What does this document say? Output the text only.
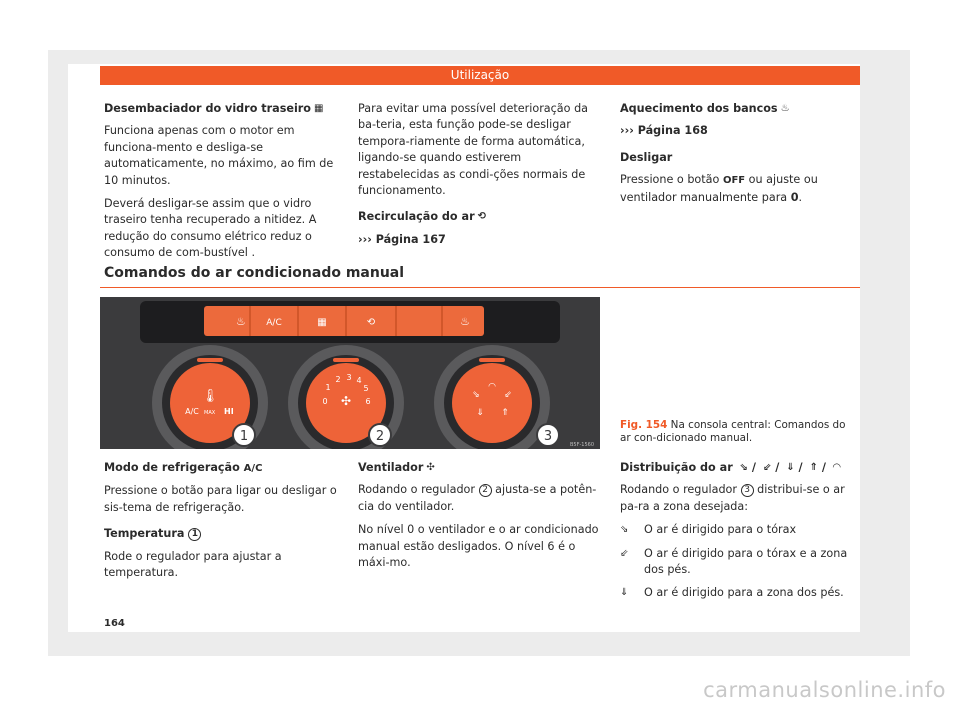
Utilização
Desembaciador do vidro traseiro ▦

Funciona apenas com o motor em funciona-mento e desliga-se automaticamente, no máximo, ao fim de 10 minutos.

Deverá desligar-se assim que o vidro traseiro tenha recuperado a nitidez. A redução do consumo elétrico reduz o consumo de com-bustível .

Para evitar uma possível deterioração da ba-teria, esta função pode-se desligar tempora-riamente de forma automática, ligando-se quando estiverem restabelecidas as condi-ções normais de funcionamento.

Recirculação do ar ⟲
››› Página 167
Aquecimento dos bancos ♨
››› Página 168
Desligar

Pressione o botão OFF ou ajuste ou ventilador manualmente para 0.

Comandos do ar condicionado manual
♨ A/C	▦	⟲	♨
🌡
A/C MAX HI
1
0
1
2 3 4
5
6
✣
2
◠
⇘	⇙
⇓ ⇑
3
B5F-1560
Fig. 154 Na consola central: Comandos do ar con-dicionado manual.
Modo de refrigeração A/C

Pressione o botão para ligar ou desligar o sis-tema de refrigeração.

Temperatura 1

Rode o regulador para ajustar a temperatura.

Ventilador ✣

Rodando o regulador 2 ajusta-se a potên-cia do ventilador.

No nível 0 o ventilador e o ar condicionado manual estão desligados. O nível 6 é o máxi-mo.

Distribuição do ar ⇘ / ⇙ / ⇓ / ⇑ / ◠

Rodando o regulador 3 distribui-se o ar pa-ra a zona desejada:

⇘	O ar é dirigido para o tórax
⇙	O ar é dirigido para o tórax e a zona dos pés.
⇓	O ar é dirigido para a zona dos pés.
164
carmanualsonline.info
